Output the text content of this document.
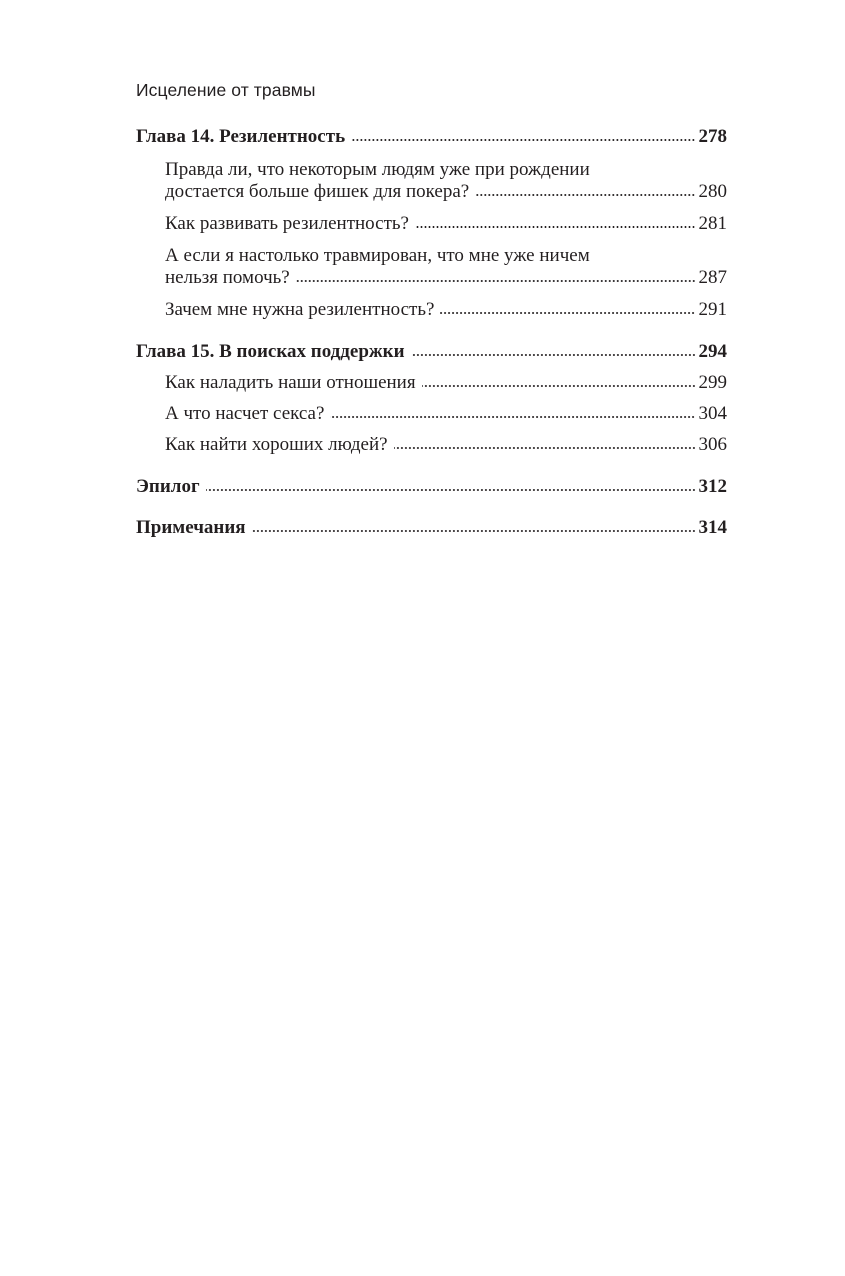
Исцеление от травмы
Глава 14. Резилентность	278
Правда ли, что некоторым людям уже при рождении
достается больше фишек для покера?	280
Как развивать резилентность?	281
А если я настолько травмирован, что мне уже ничем
нельзя помочь?	287
Зачем мне нужна резилентность?	291
Глава 15. В поисках поддержки	294
Как наладить наши отношения	299
А что насчет секса?	304
Как найти хороших людей?	306
Эпилог	312
Примечания	314
